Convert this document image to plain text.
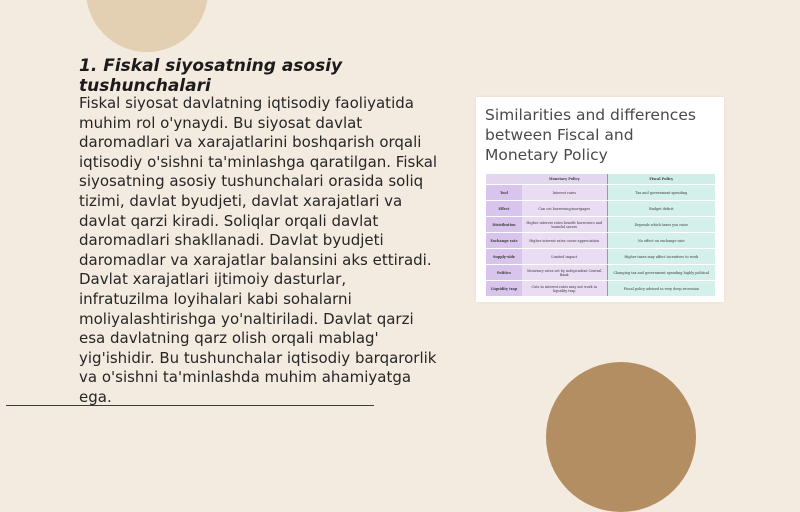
1. Fiskal siyosatning asosiy tushunchalari

Fiskal siyosat davlatning iqtisodiy faoliyatida muhim rol o'ynaydi. Bu siyosat davlat daromadlari va xarajatlarini boshqarish orqali iqtisodiy o'sishni ta'minlashga qaratilgan. Fiskal siyosatning asosiy tushunchalari orasida soliq tizimi, davlat byudjeti, davlat xarajatlari va davlat qarzi kiradi. Soliqlar orqali davlat daromadlari shakllanadi. Davlat byudjeti daromadlar va xarajatlar balansini aks ettiradi. Davlat xarajatlari ijtimoiy dasturlar, infratuzilma loyihalari kabi sohalarni moliyalashtirishga yo'naltiriladi. Davlat qarzi esa davlatning qarz olish orqali mablag' yig'ishidir. Bu tushunchalar iqtisodiy barqarorlik va o'sishni ta'minlashda muhim ahamiyatga ega.

Similarities and differences
between Fiscal and
Monetary Policy
	Monetary Policy	Fiscal Policy
Tool	Interest rates	Tax and government spending
Effect	Can cut borrowing/mortgages	Budget deficit
Distribution	Higher interest rates benefit borrowers and harmful savers	Depends which taxes you raise
Exchange rate	Higher interest rates cause appreciation	No effect on exchange rate
Supply-side	Limited impact	Higher taxes may affect incentives to work
Politics	Monetary rates set by independent Central Bank	Changing tax and government spending highly political
Liquidity trap	Cuts in interest rates may not work in liquidity trap	Fiscal policy advised in very deep recession
